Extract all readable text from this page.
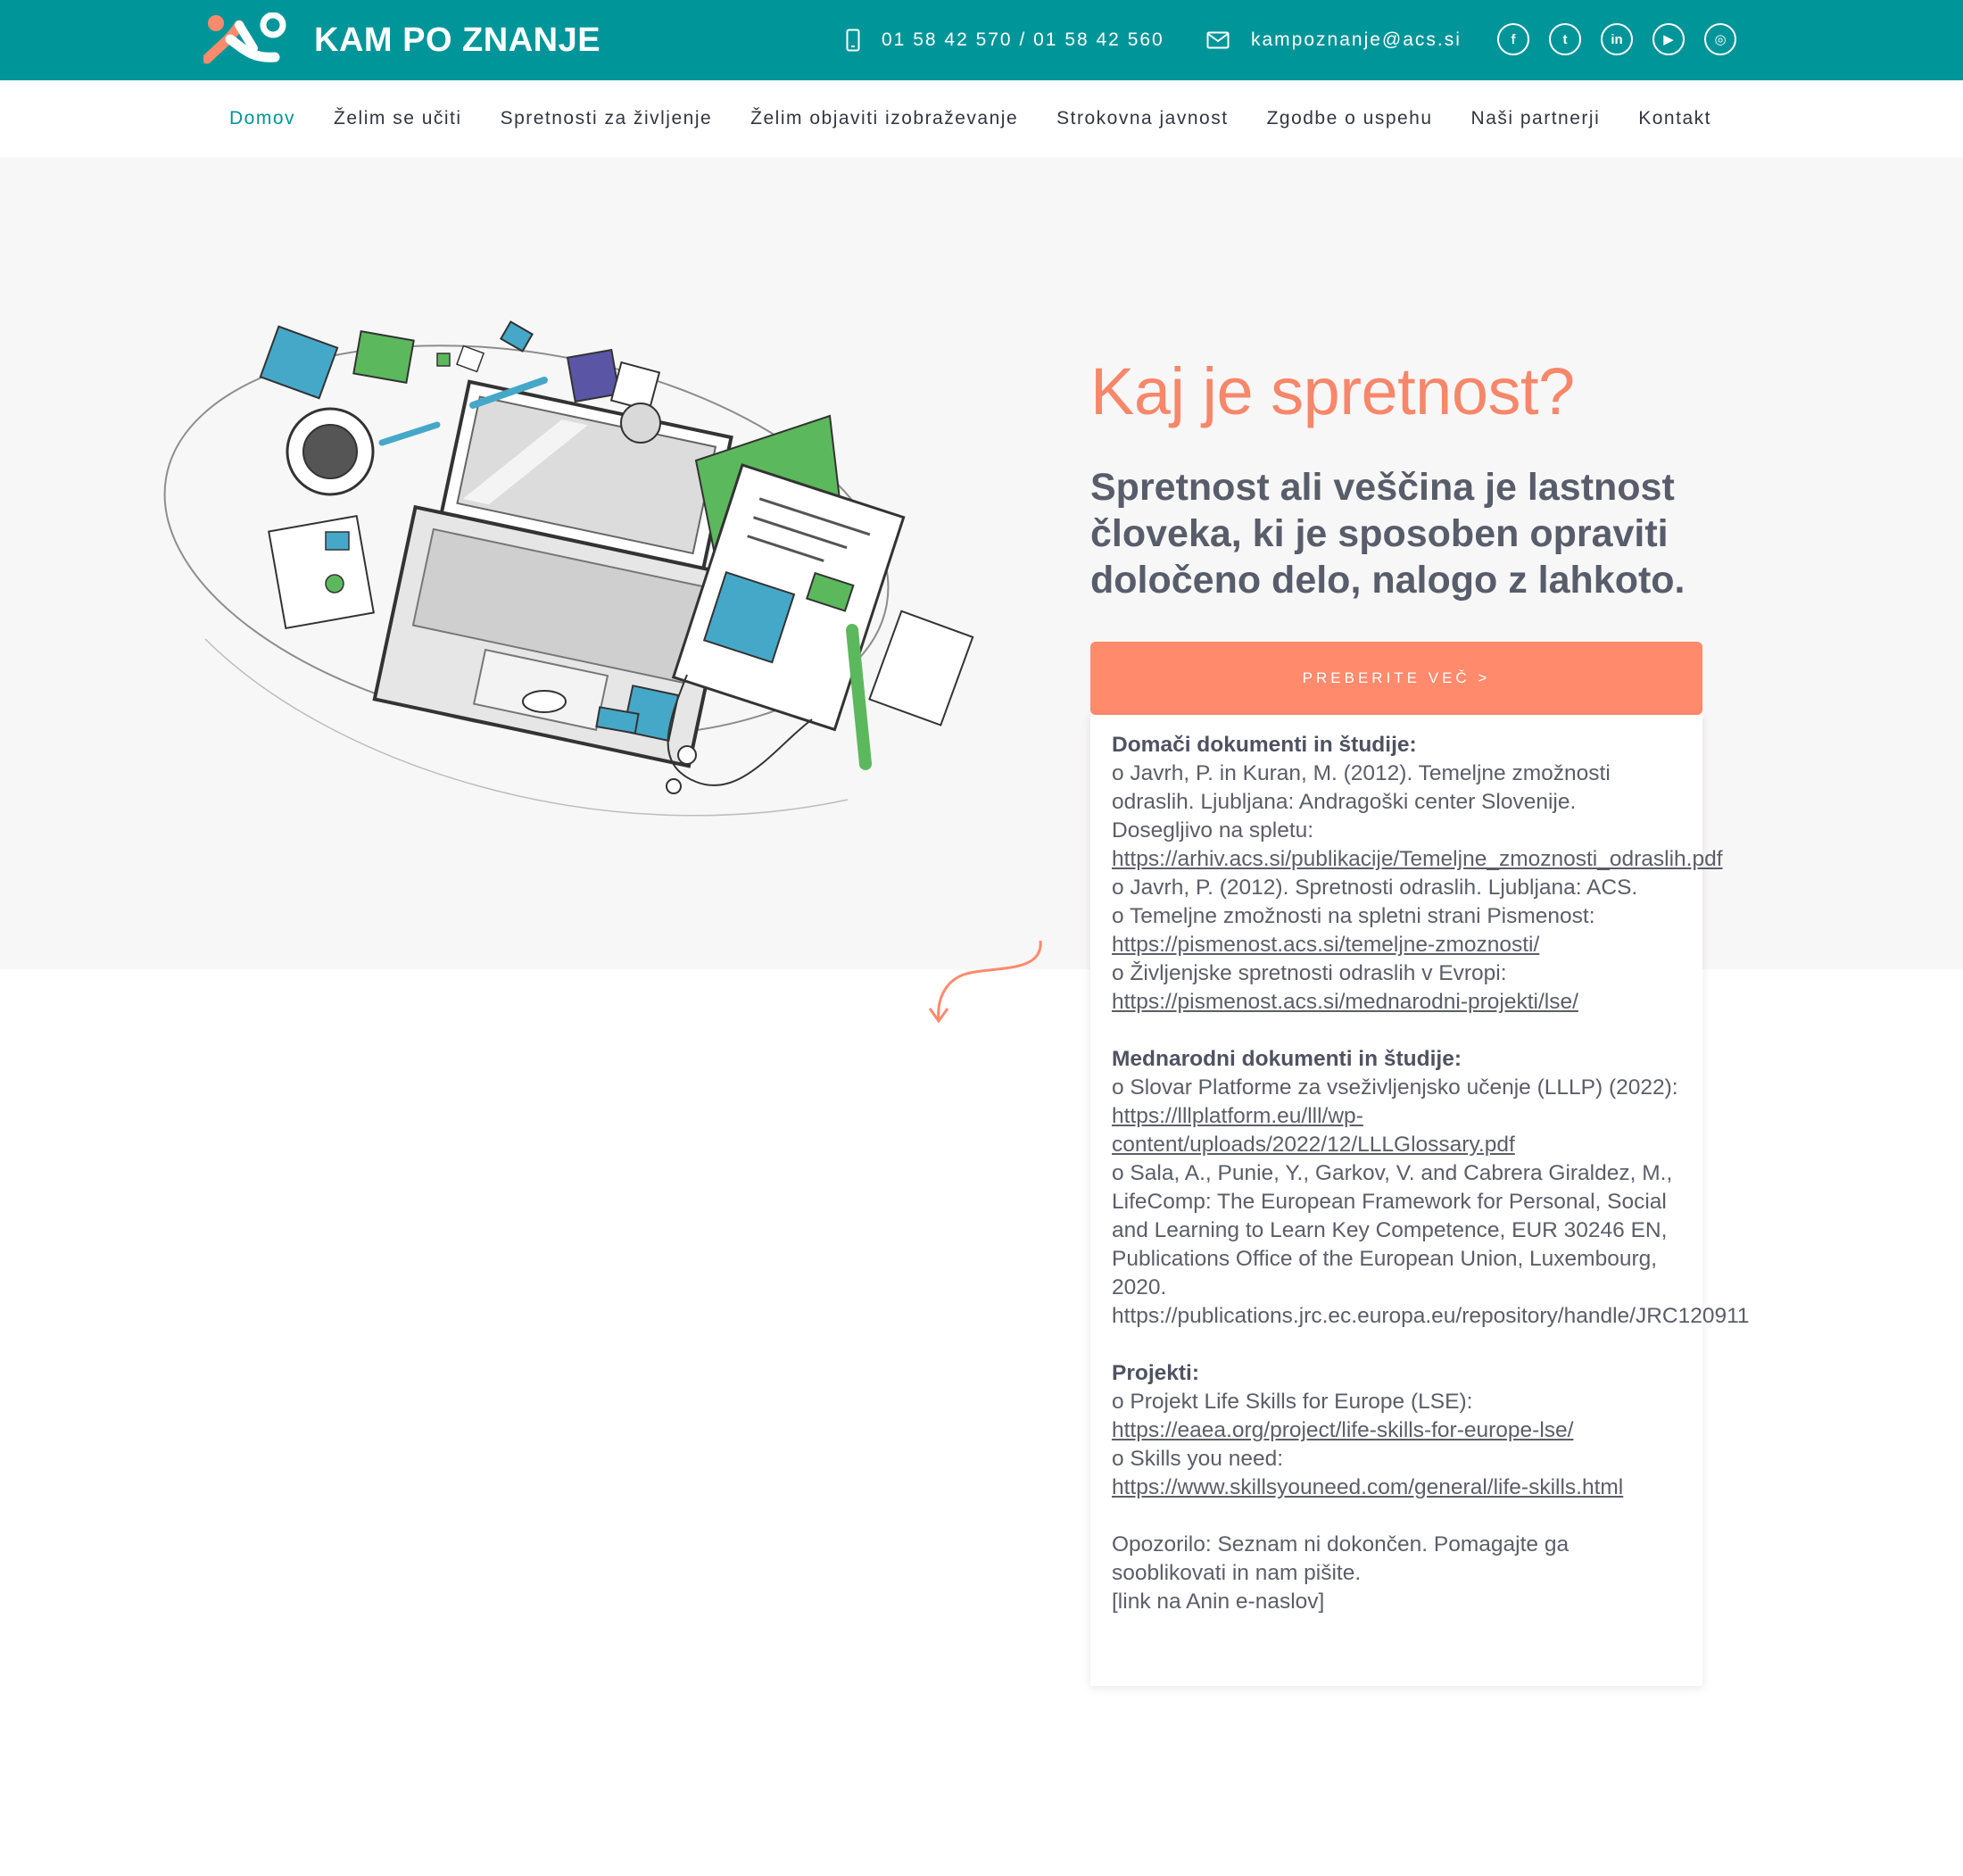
KAM PO ZNANJE	01 58 42 570 / 01 58 42 560	kampoznanje@acs.si	f	t	in	▶	◎
Domov Želim se učiti Spretnosti za življenje Želim objaviti izobraževanje Strokovna javnost Zgodbe o uspehu Naši partnerji Kontakt
Kaj je spretnost?

Spretnost ali veščina je lastnost človeka, ki je sposoben opraviti določeno delo, nalogo z lahkoto.

PREBERITE VEČ >

Domači dokumenti in študije:

o Javrh, P. in Kuran, M. (2012). Temeljne zmožnosti odraslih. Ljubljana: Andragoški center Slovenije. Dosegljivo na spletu: https://arhiv.acs.si/publikacije/Temeljne_zmoznosti_odraslih.pdf

o Javrh, P. (2012). Spretnosti odraslih. Ljubljana: ACS.

o Temeljne zmožnosti na spletni strani Pismenost: https://pismenost.acs.si/temeljne-zmoznosti/

o Življenjske spretnosti odraslih v Evropi: https://pismenost.acs.si/mednarodni-projekti/lse/

Mednarodni dokumenti in študije:

o Slovar Platforme za vseživljenjsko učenje (LLLP) (2022): https://lllplatform.eu/lll/wp-content/uploads/2022/12/LLLGlossary.pdf

o Sala, A., Punie, Y., Garkov, V. and Cabrera Giraldez, M., LifeComp: The European Framework for Personal, Social and Learning to Learn Key Competence, EUR 30246 EN, Publications Office of the European Union, Luxembourg, 2020. https://publications.jrc.ec.europa.eu/repository/handle/JRC120911

Projekti:

o Projekt Life Skills for Europe (LSE): https://eaea.org/project/life-skills-for-europe-lse/

o Skills you need: https://www.skillsyouneed.com/general/life-skills.html

Opozorilo: Seznam ni dokončen. Pomagajte ga sooblikovati in nam pišite.

[link na Anin e-naslov]
